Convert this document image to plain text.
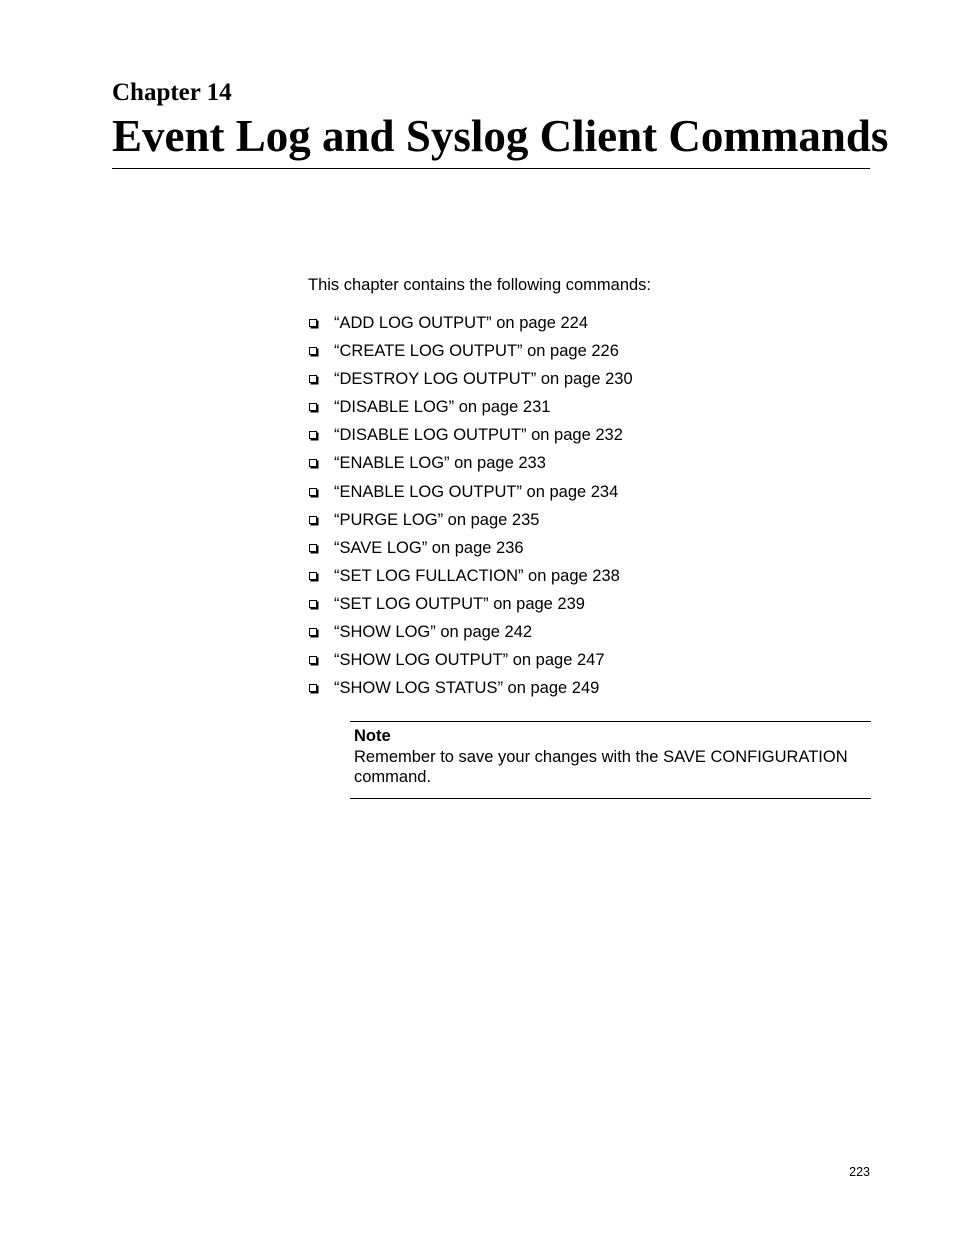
Chapter 14
Event Log and Syslog Client Commands

This chapter contains the following commands:

“ADD LOG OUTPUT” on page 224
“CREATE LOG OUTPUT” on page 226
“DESTROY LOG OUTPUT” on page 230
“DISABLE LOG” on page 231
“DISABLE LOG OUTPUT” on page 232
“ENABLE LOG” on page 233
“ENABLE LOG OUTPUT” on page 234
“PURGE LOG” on page 235
“SAVE LOG” on page 236
“SET LOG FULLACTION” on page 238
“SET LOG OUTPUT” on page 239
“SHOW LOG” on page 242
“SHOW LOG OUTPUT” on page 247
“SHOW LOG STATUS” on page 249

Note

Remember to save your changes with the SAVE CONFIGURATION command.

223
